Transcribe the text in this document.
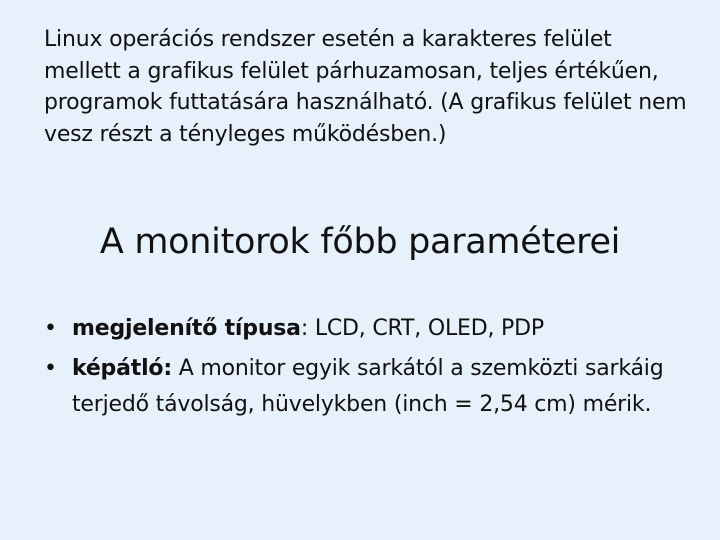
Linux operációs rendszer esetén a karakteres felület mellett a grafikus felület párhuzamosan, teljes értékűen, programok futtatására használható. (A grafikus felület nem vesz részt a tényleges működésben.)

A monitorok főbb paraméterei
• megjelenítő típusa: LCD, CRT, OLED, PDP
• képátló: A monitor egyik sarkától a szemközti sarkáig terjedő távolság, hüvelykben (inch = 2,54 cm) mérik.
